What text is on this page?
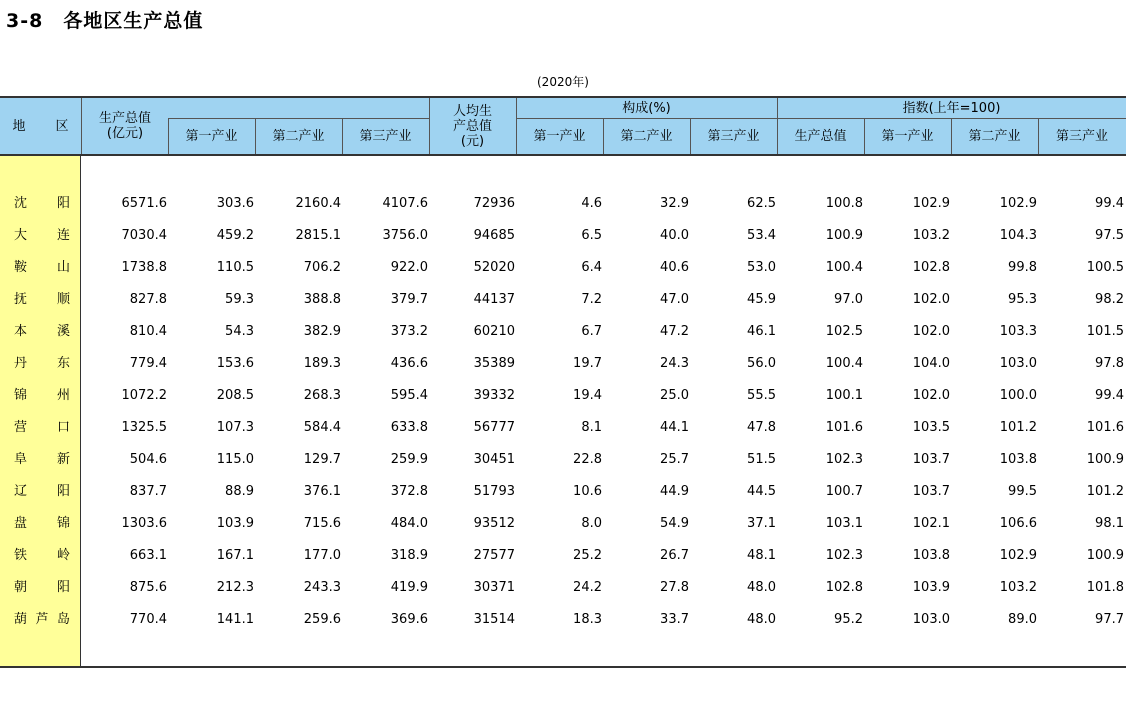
3-8　各地区生产总值
(2020年)
地 区 生产总值
(亿元)	第一产业	第二产业	第三产业
人均生
产总值
(元)
构成(%)
第一产业	第二产业	第三产业
指数(上年=100)
生产总值	第一产业	第二产业	第三产业
沈 阳	6571.6	303.6	2160.4	4107.6	72936	4.6	32.9	62.5	100.8	102.9	102.9	99.4
大 连	7030.4	459.2	2815.1	3756.0	94685	6.5	40.0	53.4	100.9	103.2	104.3	97.5
鞍 山	1738.8	110.5	706.2	922.0	52020	6.4	40.6	53.0	100.4	102.8	99.8	100.5
抚 顺	827.8	59.3	388.8	379.7	44137	7.2	47.0	45.9	97.0	102.0	95.3	98.2
本 溪	810.4	54.3	382.9	373.2	60210	6.7	47.2	46.1	102.5	102.0	103.3	101.5
丹 东	779.4	153.6	189.3	436.6	35389	19.7	24.3	56.0	100.4	104.0	103.0	97.8
锦 州	1072.2	208.5	268.3	595.4	39332	19.4	25.0	55.5	100.1	102.0	100.0	99.4
营 口	1325.5	107.3	584.4	633.8	56777	8.1	44.1	47.8	101.6	103.5	101.2	101.6
阜 新	504.6	115.0	129.7	259.9	30451	22.8	25.7	51.5	102.3	103.7	103.8	100.9
辽 阳	837.7	88.9	376.1	372.8	51793	10.6	44.9	44.5	100.7	103.7	99.5	101.2
盘 锦	1303.6	103.9	715.6	484.0	93512	8.0	54.9	37.1	103.1	102.1	106.6	98.1
铁 岭	663.1	167.1	177.0	318.9	27577	25.2	26.7	48.1	102.3	103.8	102.9	100.9
朝 阳	875.6	212.3	243.3	419.9	30371	24.2	27.8	48.0	102.8	103.9	103.2	101.8
葫 芦 岛	770.4	141.1	259.6	369.6	31514	18.3	33.7	48.0	95.2	103.0	89.0	97.7
